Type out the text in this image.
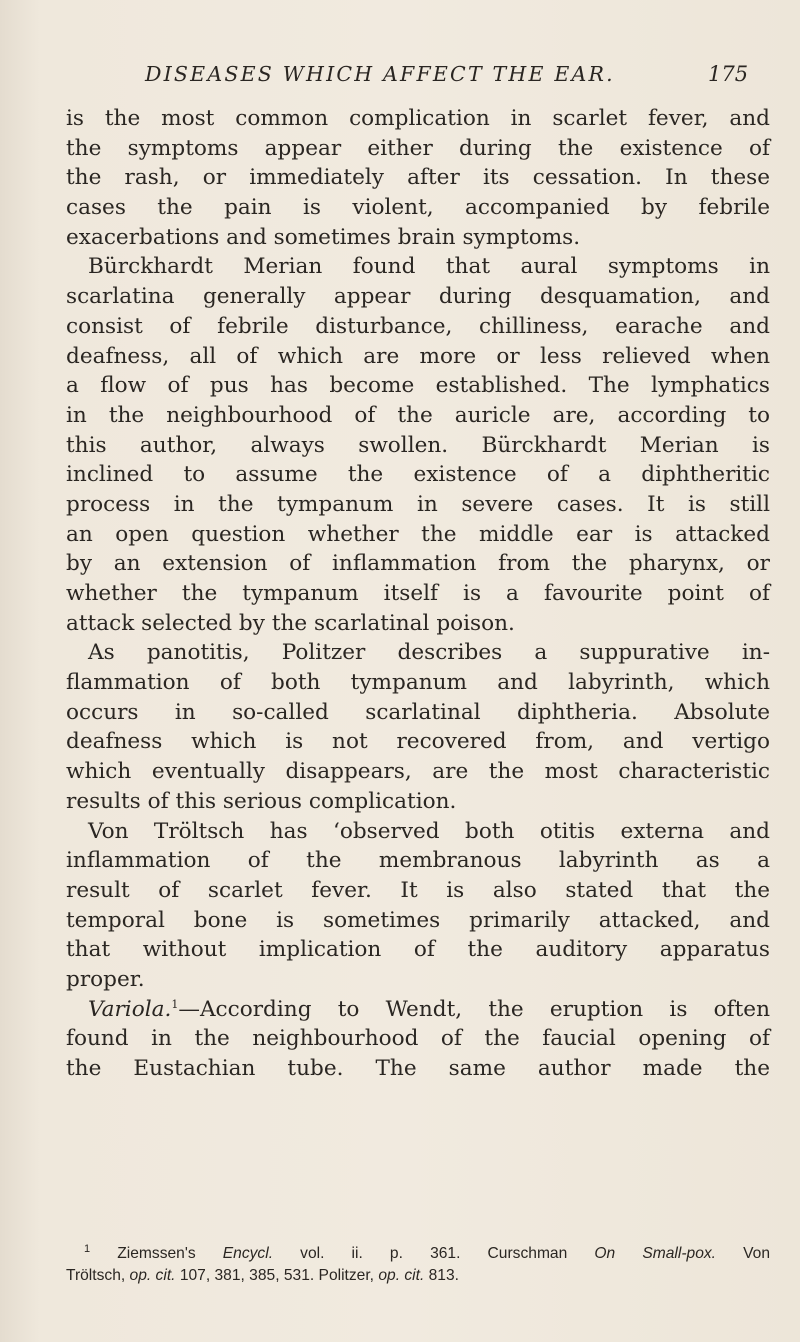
DISEASES WHICH AFFECT THE EAR.	175
is the most common complication in scarlet fever, and
the symptoms appear either during the existence of
the rash, or immediately after its cessation. In these
cases the pain is violent, accompanied by febrile
exacerbations and sometimes brain symptoms.
Bürckhardt Merian found that aural symptoms in
scarlatina generally appear during desquamation, and
consist of febrile disturbance, chilliness, earache and
deafness, all of which are more or less relieved when
a flow of pus has become established. The lymphatics
in the neighbourhood of the auricle are, according to
this author, always swollen. Bürckhardt Merian is
inclined to assume the existence of a diphtheritic
process in the tympanum in severe cases. It is still
an open question whether the middle ear is attacked
by an extension of inflammation from the pharynx, or
whether the tympanum itself is a favourite point of
attack selected by the scarlatinal poison.
As panotitis, Politzer describes a suppurative in-
flammation of both tympanum and labyrinth, which
occurs in so-called scarlatinal diphtheria. Absolute
deafness which is not recovered from, and vertigo
which eventually disappears, are the most characteristic
results of this serious complication.
Von Tröltsch has ‘observed both otitis externa and
inflammation of the membranous labyrinth as a
result of scarlet fever. It is also stated that the
temporal bone is sometimes primarily attacked, and
that without implication of the auditory apparatus
proper.
Variola.$^1$—According to Wendt, the eruption is often
found in the neighbourhood of the faucial opening of
the Eustachian tube. The same author made the
$^1$ Ziemssen's Encycl. vol. ii. p. 361. Curschman On Small-pox. Von
Tröltsch, op. cit. 107, 381, 385, 531. Politzer, op. cit. 813.
